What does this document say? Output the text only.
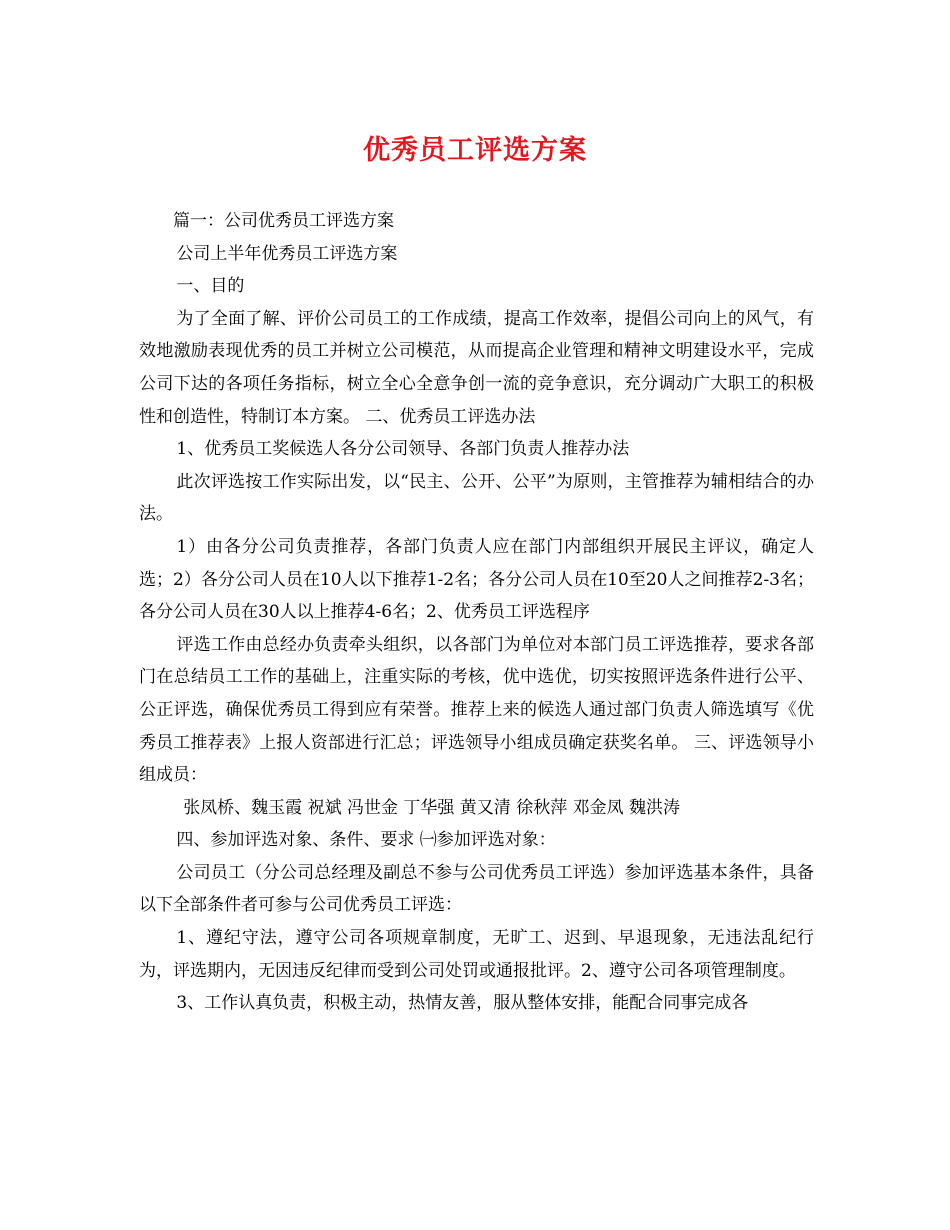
优秀员工评选方案

篇一：公司优秀员工评选方案

公司上半年优秀员工评选方案

一、目的

为了全面了解、评价公司员工的工作成绩，提高工作效率，提倡公司向上的风气，有效地激励表现优秀的员工并树立公司模范，从而提高企业管理和精神文明建设水平，完成公司下达的各项任务指标，树立全心全意争创一流的竞争意识，充分调动广大职工的积极性和创造性，特制订本方案。 二、优秀员工评选办法

1、优秀员工奖候选人各分公司领导、各部门负责人推荐办法

此次评选按工作实际出发，以“民主、公开、公平”为原则，主管推荐为辅相结合的办法。

1）由各分公司负责推荐，各部门负责人应在部门内部组织开展民主评议，确定人选；2）各分公司人员在10人以下推荐1-2名；各分公司人员在10至20人之间推荐2-3名；各分公司人员在30人以上推荐4-6名；2、优秀员工评选程序

评选工作由总经办负责牵头组织，以各部门为单位对本部门员工评选推荐，要求各部门在总结员工工作的基础上，注重实际的考核，优中选优，切实按照评选条件进行公平、公正评选，确保优秀员工得到应有荣誉。推荐上来的候选人通过部门负责人筛选填写《优秀员工推荐表》上报人资部进行汇总；评选领导小组成员确定获奖名单。 三、评选领导小组成员：

张凤桥、魏玉霞 祝斌 冯世金 丁华强 黄又清 徐秋萍 邓金凤 魏洪涛

四、参加评选对象、条件、要求 ㈠参加评选对象：

公司员工（分公司总经理及副总不参与公司优秀员工评选）参加评选基本条件，具备以下全部条件者可参与公司优秀员工评选：

1、遵纪守法，遵守公司各项规章制度，无旷工、迟到、早退现象，无违法乱纪行为，评选期内，无因违反纪律而受到公司处罚或通报批评。2、遵守公司各项管理制度。

3、工作认真负责，积极主动，热情友善，服从整体安排，能配合同事完成各
